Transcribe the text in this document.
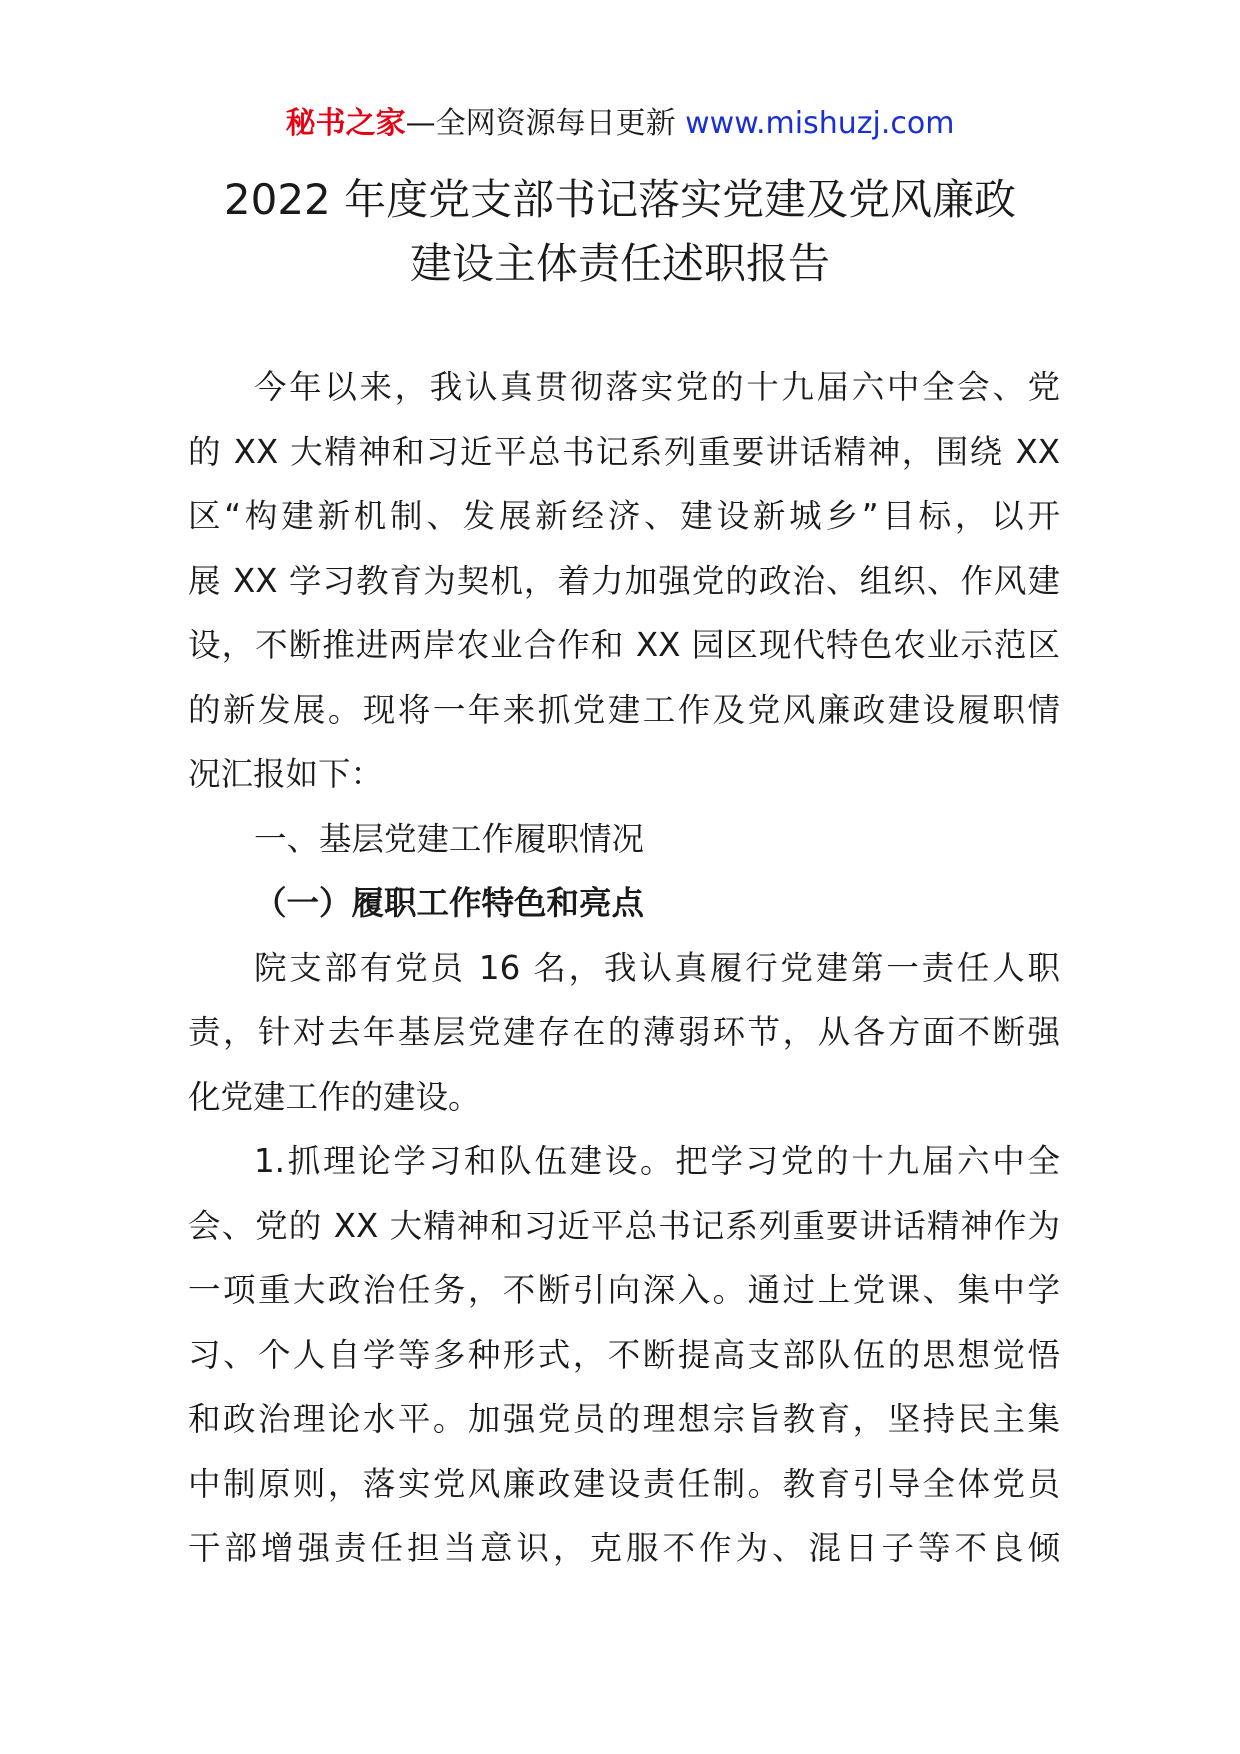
秘书之家—全网资源每日更新 www.mishuzj.com
2022 年度党支部书记落实党建及党风廉政
建设主体责任述职报告
今年以来，我认真贯彻落实党的十九届六中全会、党
的 XX 大精神和习近平总书记系列重要讲话精神，围绕 XX
区“构建新机制、发展新经济、建设新城乡”目标，以开
展 XX 学习教育为契机，着力加强党的政治、组织、作风建
设，不断推进两岸农业合作和 XX 园区现代特色农业示范区
的新发展。现将一年来抓党建工作及党风廉政建设履职情
况汇报如下：
一、基层党建工作履职情况
（一）履职工作特色和亮点
院支部有党员 16 名，我认真履行党建第一责任人职
责，针对去年基层党建存在的薄弱环节，从各方面不断强
化党建工作的建设。
1.抓理论学习和队伍建设。把学习党的十九届六中全
会、党的 XX 大精神和习近平总书记系列重要讲话精神作为
一项重大政治任务，不断引向深入。通过上党课、集中学
习、个人自学等多种形式，不断提高支部队伍的思想觉悟
和政治理论水平。加强党员的理想宗旨教育，坚持民主集
中制原则，落实党风廉政建设责任制。教育引导全体党员
干部增强责任担当意识，克服不作为、混日子等不良倾
